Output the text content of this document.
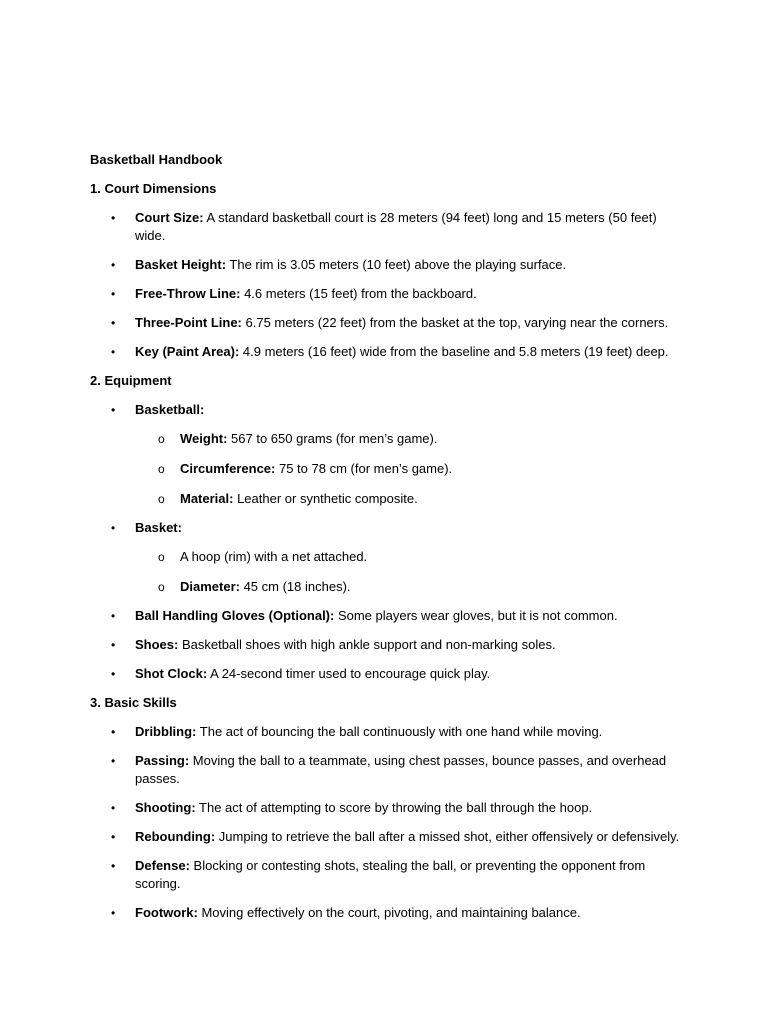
Basketball Handbook
1. Court Dimensions
• Court Size: A standard basketball court is 28 meters (94 feet) long and 15 meters (50 feet) wide.
• Basket Height: The rim is 3.05 meters (10 feet) above the playing surface.
• Free-Throw Line: 4.6 meters (15 feet) from the backboard.
• Three-Point Line: 6.75 meters (22 feet) from the basket at the top, varying near the corners.
• Key (Paint Area): 4.9 meters (16 feet) wide from the baseline and 5.8 meters (19 feet) deep.
2. Equipment
• Basketball:
o Weight: 567 to 650 grams (for men’s game).
o Circumference: 75 to 78 cm (for men’s game).
o Material: Leather or synthetic composite.
• Basket:
o A hoop (rim) with a net attached.
o Diameter: 45 cm (18 inches).
• Ball Handling Gloves (Optional): Some players wear gloves, but it is not common.
• Shoes: Basketball shoes with high ankle support and non-marking soles.
• Shot Clock: A 24-second timer used to encourage quick play.
3. Basic Skills
• Dribbling: The act of bouncing the ball continuously with one hand while moving.
• Passing: Moving the ball to a teammate, using chest passes, bounce passes, and overhead passes.
• Shooting: The act of attempting to score by throwing the ball through the hoop.
• Rebounding: Jumping to retrieve the ball after a missed shot, either offensively or defensively.
• Defense: Blocking or contesting shots, stealing the ball, or preventing the opponent from scoring.
• Footwork: Moving effectively on the court, pivoting, and maintaining balance.
